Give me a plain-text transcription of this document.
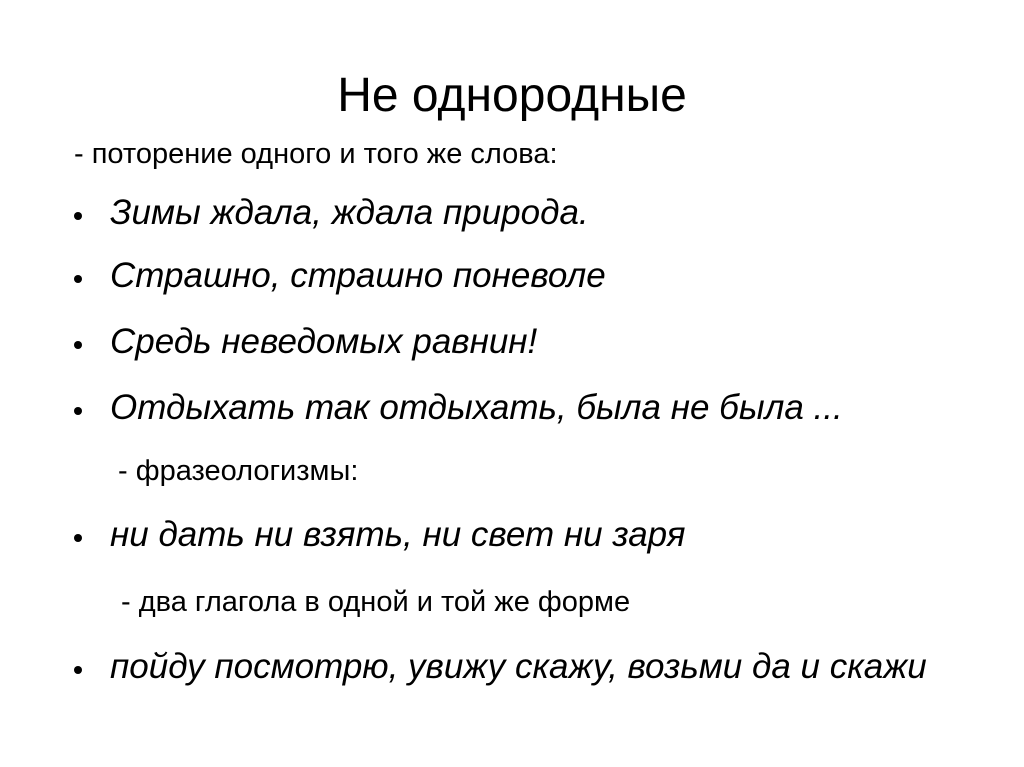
Не однородные
- поторение одного и того же слова:
Зимы ждала, ждала природа.
Страшно, страшно поневоле
Средь неведомых равнин!
Отдыхать так отдыхать, была не была ...
- фразеологизмы:
ни дать ни взять, ни свет ни заря
- два глагола в одной и той же форме
пойду посмотрю, увижу скажу, возьми да и скажи
